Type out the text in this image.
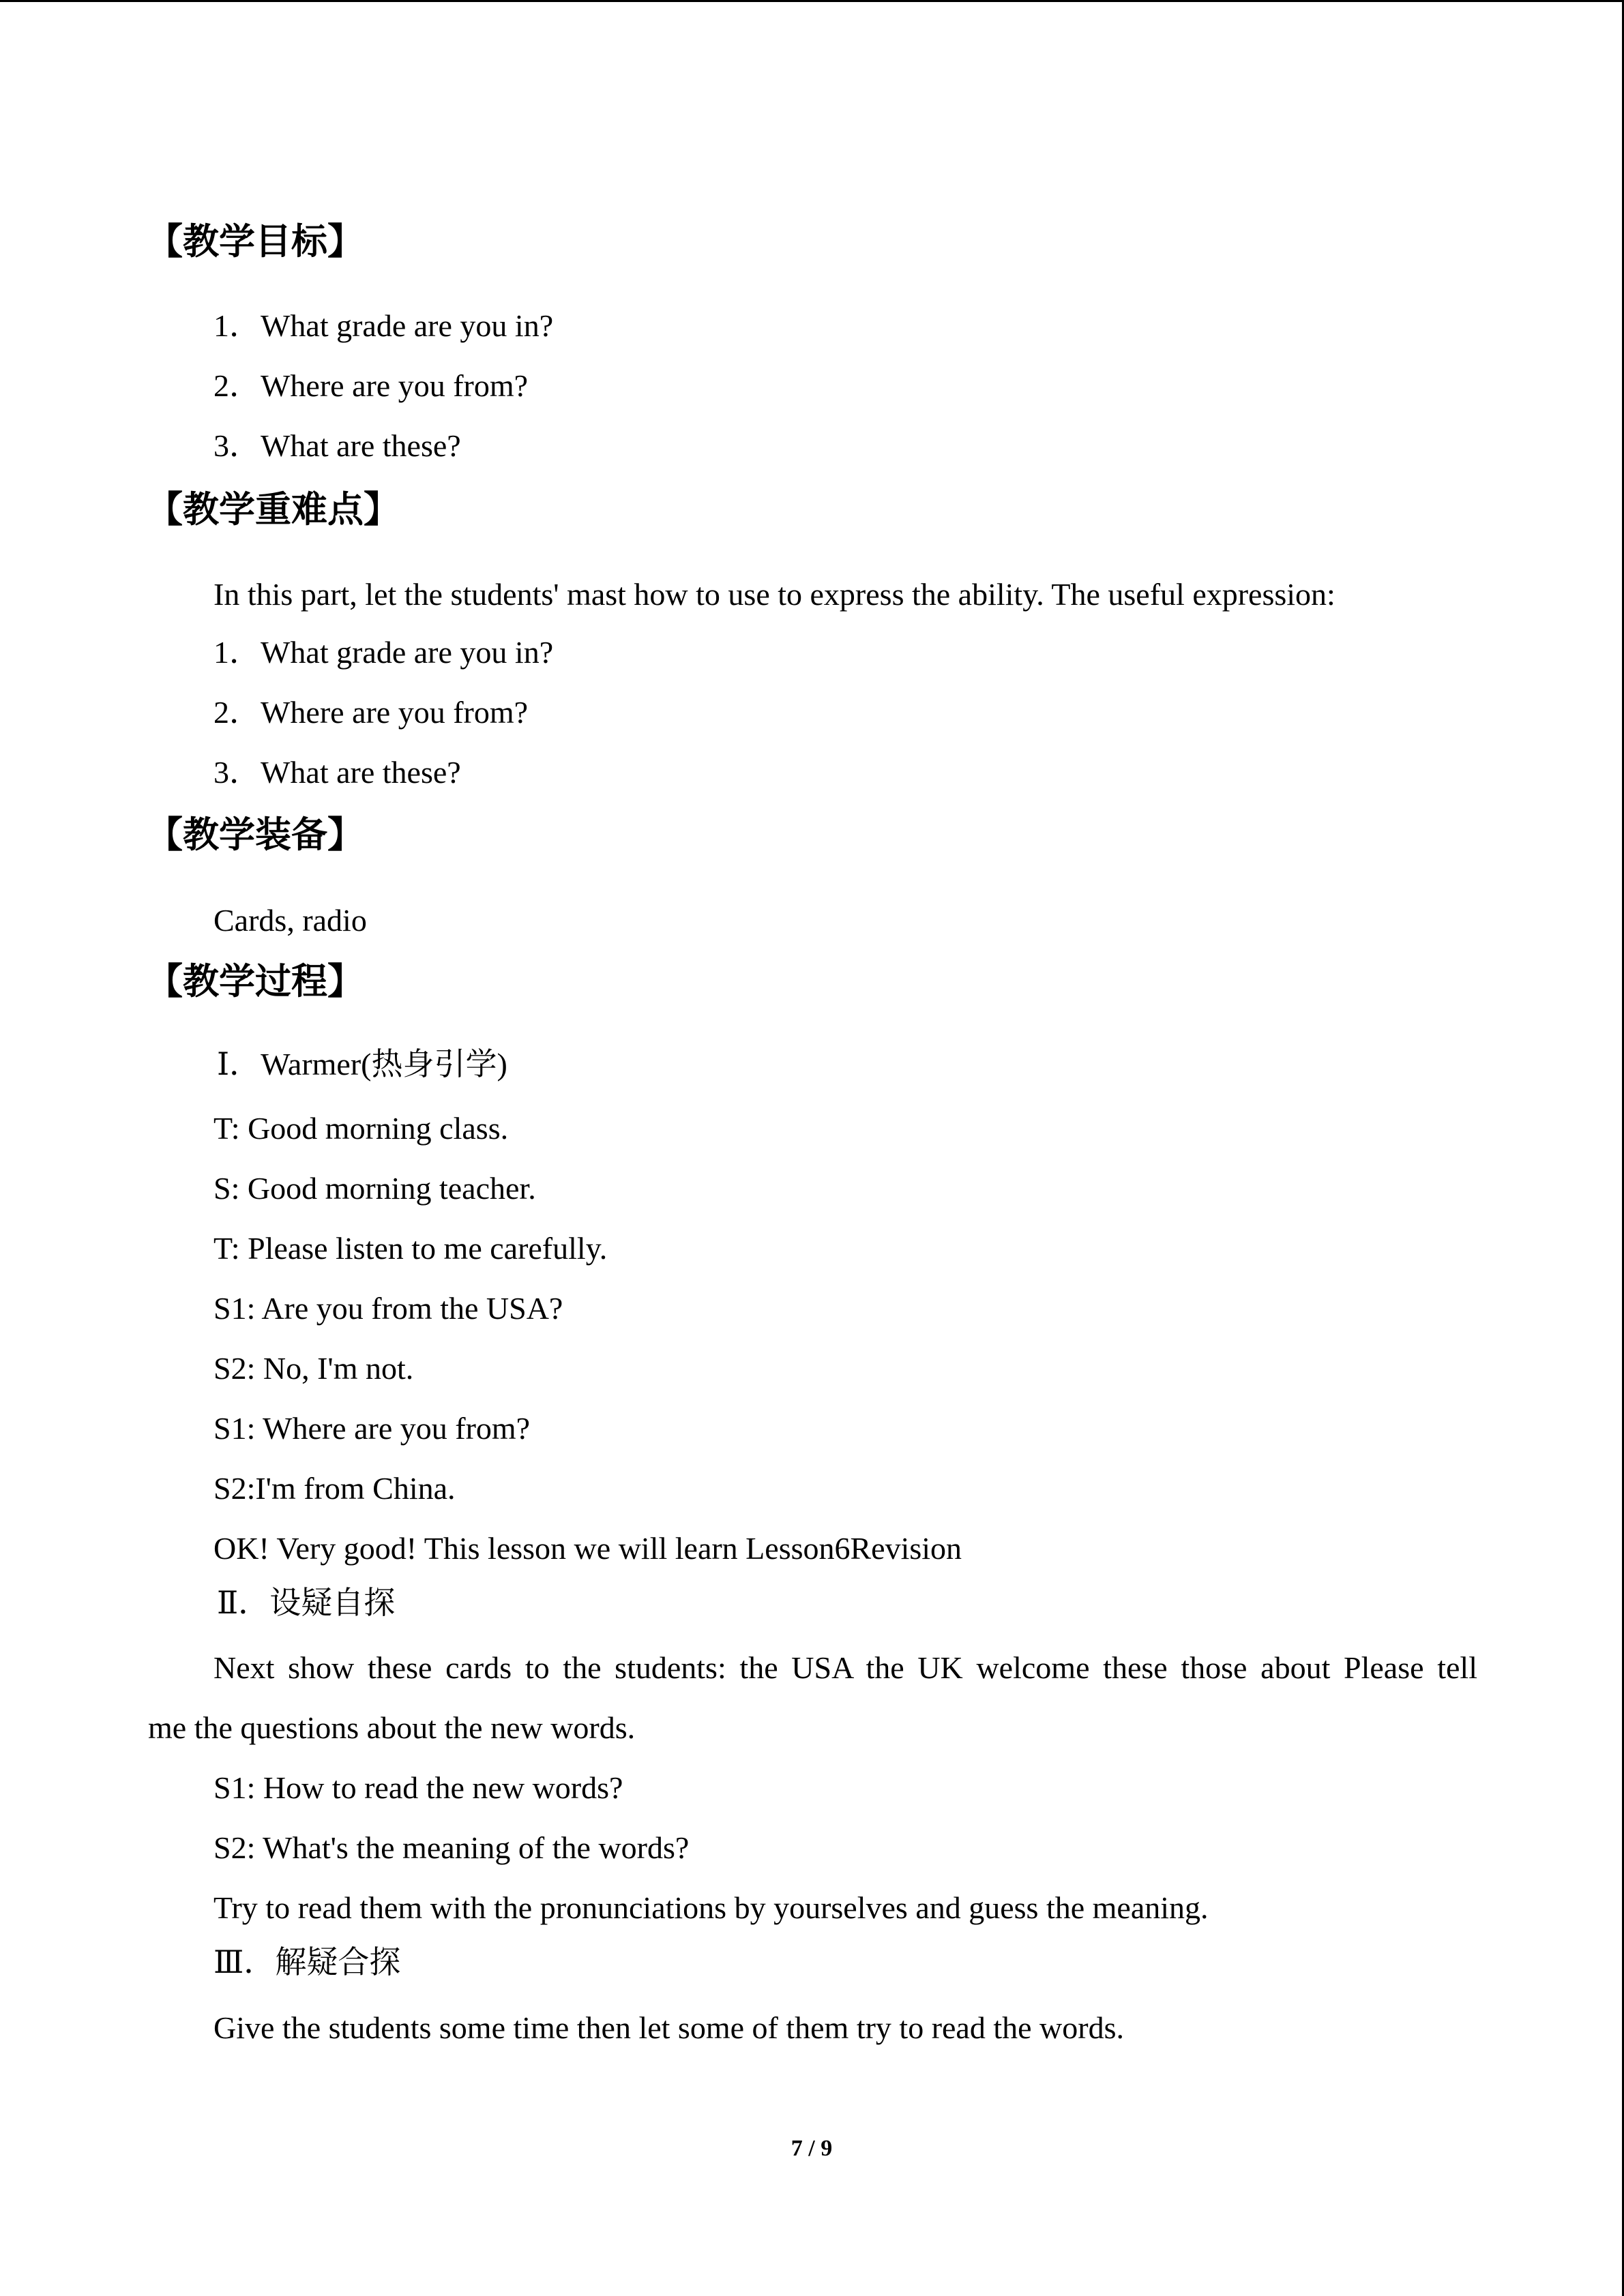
【教学目标】
1．What grade are you in?
2．Where are you from?
3．What are these?
【教学重难点】
In this part, let the students' mast how to use to express the ability. The useful expression:
1．What grade are you in?
2．Where are you from?
3．What are these?
【教学装备】
Cards, radio
【教学过程】
Ⅰ．Warmer(热身引学)
T: Good morning class.
S: Good morning teacher.
T: Please listen to me carefully.
S1: Are you from the USA?
S2: No, I'm not.
S1: Where are you from?
S2:I'm from China.
OK! Very good! This lesson we will learn Lesson6Revision
Ⅱ．设疑自探
Next show these cards to the students: the USA the UK welcome these those about Please tell
me the questions about the new words.
S1: How to read the new words?
S2: What's the meaning of the words?
Try to read them with the pronunciations by yourselves and guess the meaning.
Ⅲ．解疑合探
Give the students some time then let some of them try to read the words.
7 / 9
